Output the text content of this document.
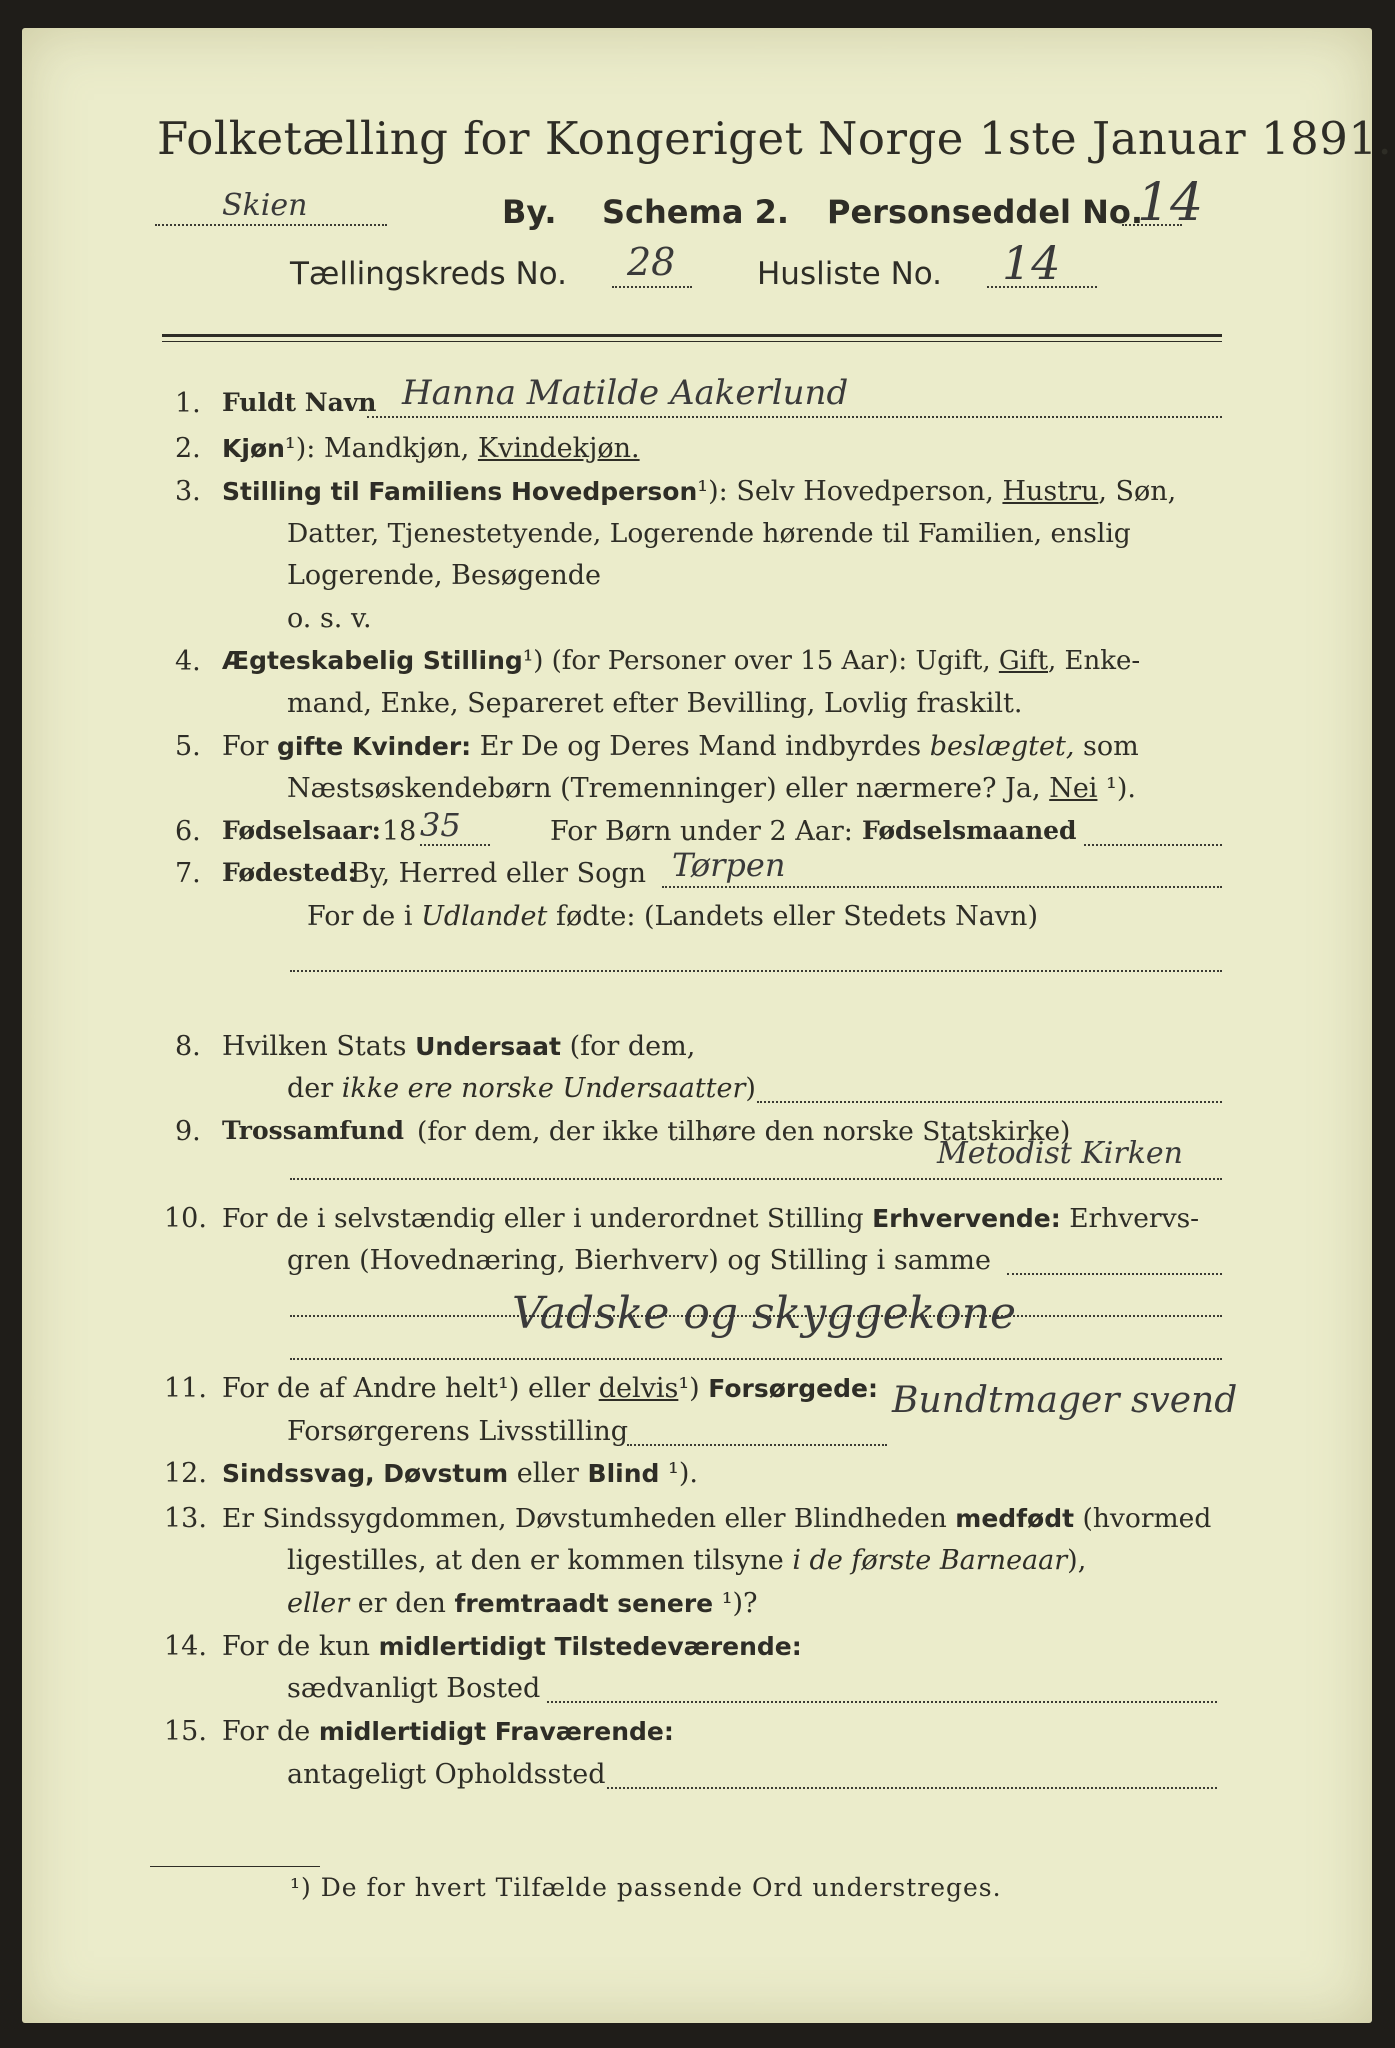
Folketælling for Kongeriget Norge 1ste Januar 1891.
Skien	By. Schema 2. Personseddel No.
14
Tællingskreds No. 28	Husliste No. 14
1. Fuldt Navn Hanna Matilde Aakerlund
2. Kjøn¹): Mandkjøn, Kvindekjøn.
3. Stilling til Familiens Hovedperson¹): Selv Hovedperson, Hustru, Søn,
Datter, Tjenestetyende, Logerende hørende til Familien, enslig
Logerende, Besøgende
o. s. v.
4. Ægteskabelig Stilling¹) (for Personer over 15 Aar): Ugift, Gift, Enke-
mand, Enke, Separeret efter Bevilling, Lovlig fraskilt.
5. For gifte Kvinder: Er De og Deres Mand indbyrdes beslægtet, som
Næstsøskendebørn (Tremenninger) eller nærmere? Ja, Nei ¹).
6. Fødselsaar: 18 35	For Børn under 2 Aar: Fødselsmaaned
7. Fødested:
By, Herred eller Sogn Tørpen
For de i Udlandet fødte: (Landets eller Stedets Navn)
8. Hvilken Stats Undersaat (for dem,
der ikke ere norske Undersaatter)
9. Trossamfund (for dem, der ikke tilhøre den norske Statskirke)
Metodist Kirken
10. For de i selvstændig eller i underordnet Stilling Erhvervende: Erhvervs-
gren (Hovednæring, Bierhverv) og Stilling i samme
Vadske og skyggekone
11. For de af Andre helt¹) eller delvis¹) Forsørgede:
Forsørgerens Livsstilling
Bundtmager svend
12. Sindssvag, Døvstum eller Blind ¹).
13. Er Sindssygdommen, Døvstumheden eller Blindheden medfødt (hvormed
ligestilles, at den er kommen tilsyne i de første Barneaar),
eller er den fremtraadt senere ¹)?
14. For de kun midlertidigt Tilstedeværende:
sædvanligt Bosted
15. For de midlertidigt Fraværende:
antageligt Opholdssted
¹) De for hvert Tilfælde passende Ord understreges.
